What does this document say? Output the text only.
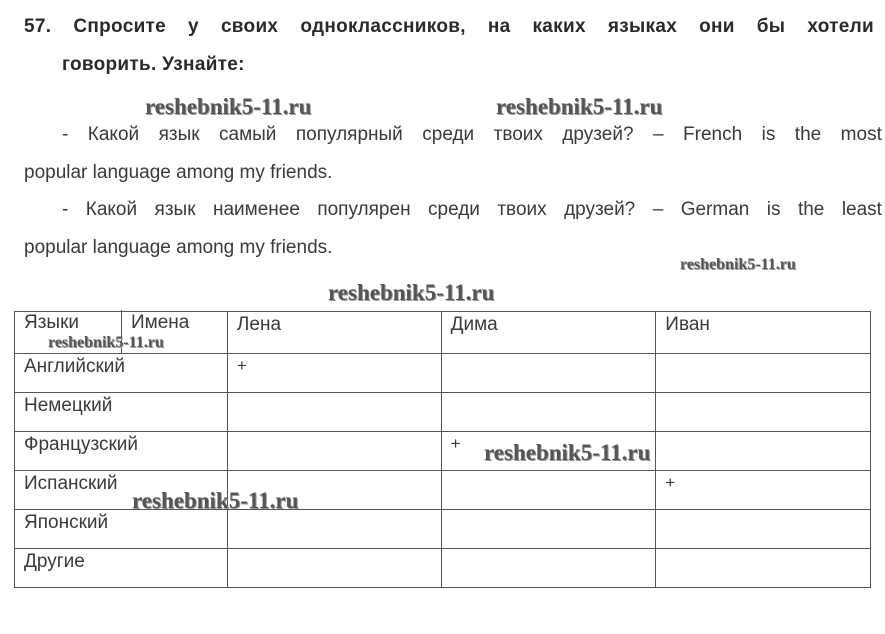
57. Спросите у своих одноклассников, на каких языках они бы хотели
говорить. Узнайте:
reshebnik5-11.ru	reshebnik5-11.ru
- Какой язык самый популярный среди твоих друзей? – French is the most
popular language among my friends.
- Какой язык наименее популярен среди твоих друзей? – German is the least
popular language among my friends.
reshebnik5-11.ru
reshebnik5-11.ru
Языки Имена	Лена	Дима	Иван
Английский	+		
Немецкий			
Французский		+	
Испанский			+
Японский			
Другие			
reshebnik5-11.ru
reshebnik5-11.ru
reshebnik5-11.ru
